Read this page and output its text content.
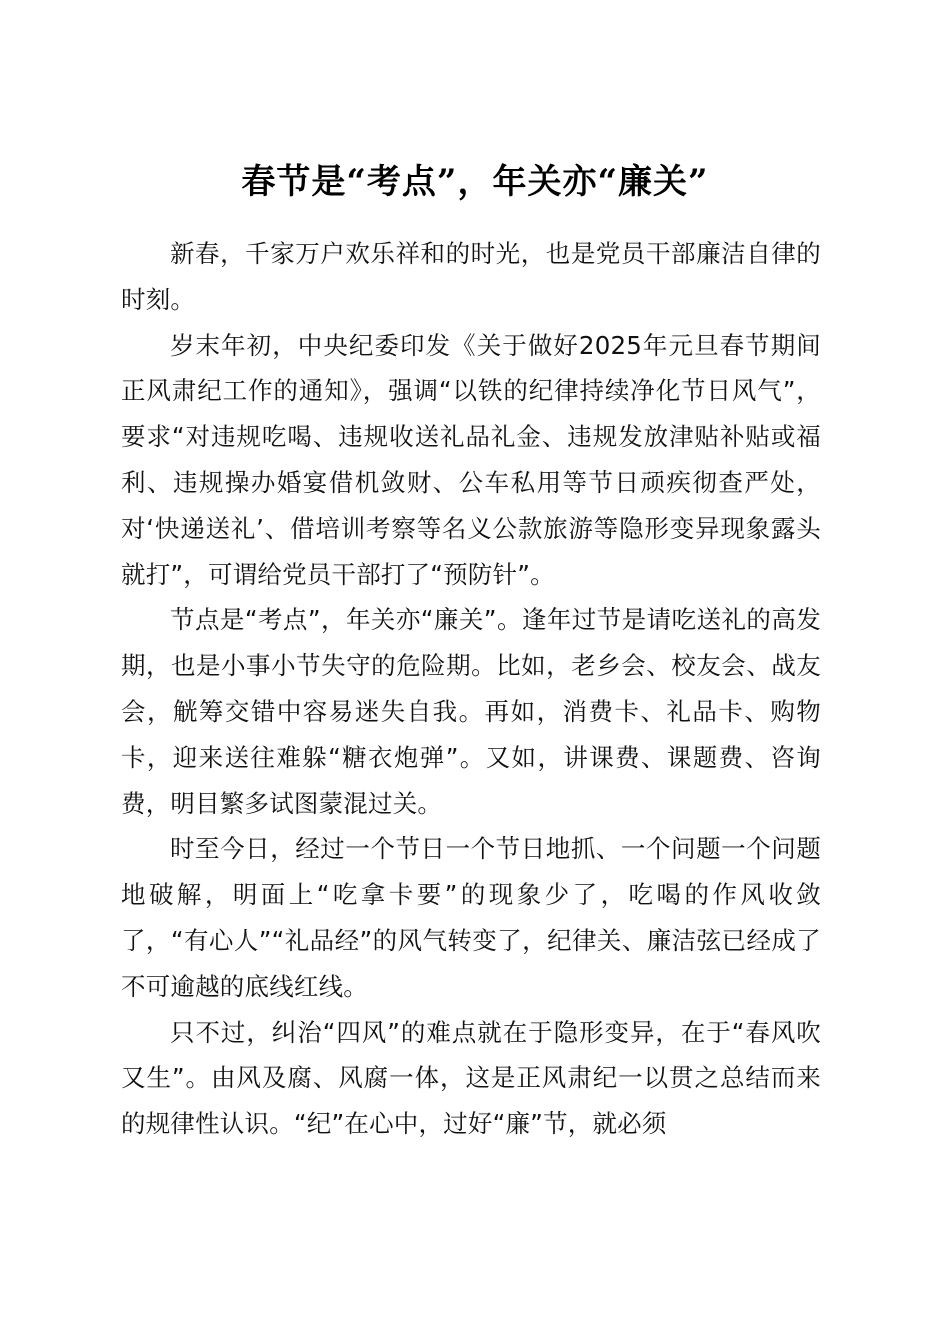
春节是“考点”，年关亦“廉关”

新春，千家万户欢乐祥和的时光，也是党员干部廉洁自律的时刻。

岁末年初，中央纪委印发《关于做好2025年元旦春节期间正风肃纪工作的通知》，强调“以铁的纪律持续净化节日风气”，要求“对违规吃喝、违规收送礼品礼金、违规发放津贴补贴或福利、违规操办婚宴借机敛财、公车私用等节日顽疾彻查严处，对‘快递送礼’、借培训考察等名义公款旅游等隐形变异现象露头就打”，可谓给党员干部打了“预防针”。

节点是“考点”，年关亦“廉关”。逢年过节是请吃送礼的高发期，也是小事小节失守的危险期。比如，老乡会、校友会、战友会，觥筹交错中容易迷失自我。再如，消费卡、礼品卡、购物卡，迎来送往难躲“糖衣炮弹”。又如，讲课费、课题费、咨询费，明目繁多试图蒙混过关。

时至今日，经过一个节日一个节日地抓、一个问题一个问题地破解，明面上“吃拿卡要”的现象少了，吃喝的作风收敛了，“有心人”“礼品经”的风气转变了，纪律关、廉洁弦已经成了不可逾越的底线红线。

只不过，纠治“四风”的难点就在于隐形变异，在于“春风吹又生”。由风及腐、风腐一体，这是正风肃纪一以贯之总结而来的规律性认识。“纪”在心中，过好“廉”节，就必须
